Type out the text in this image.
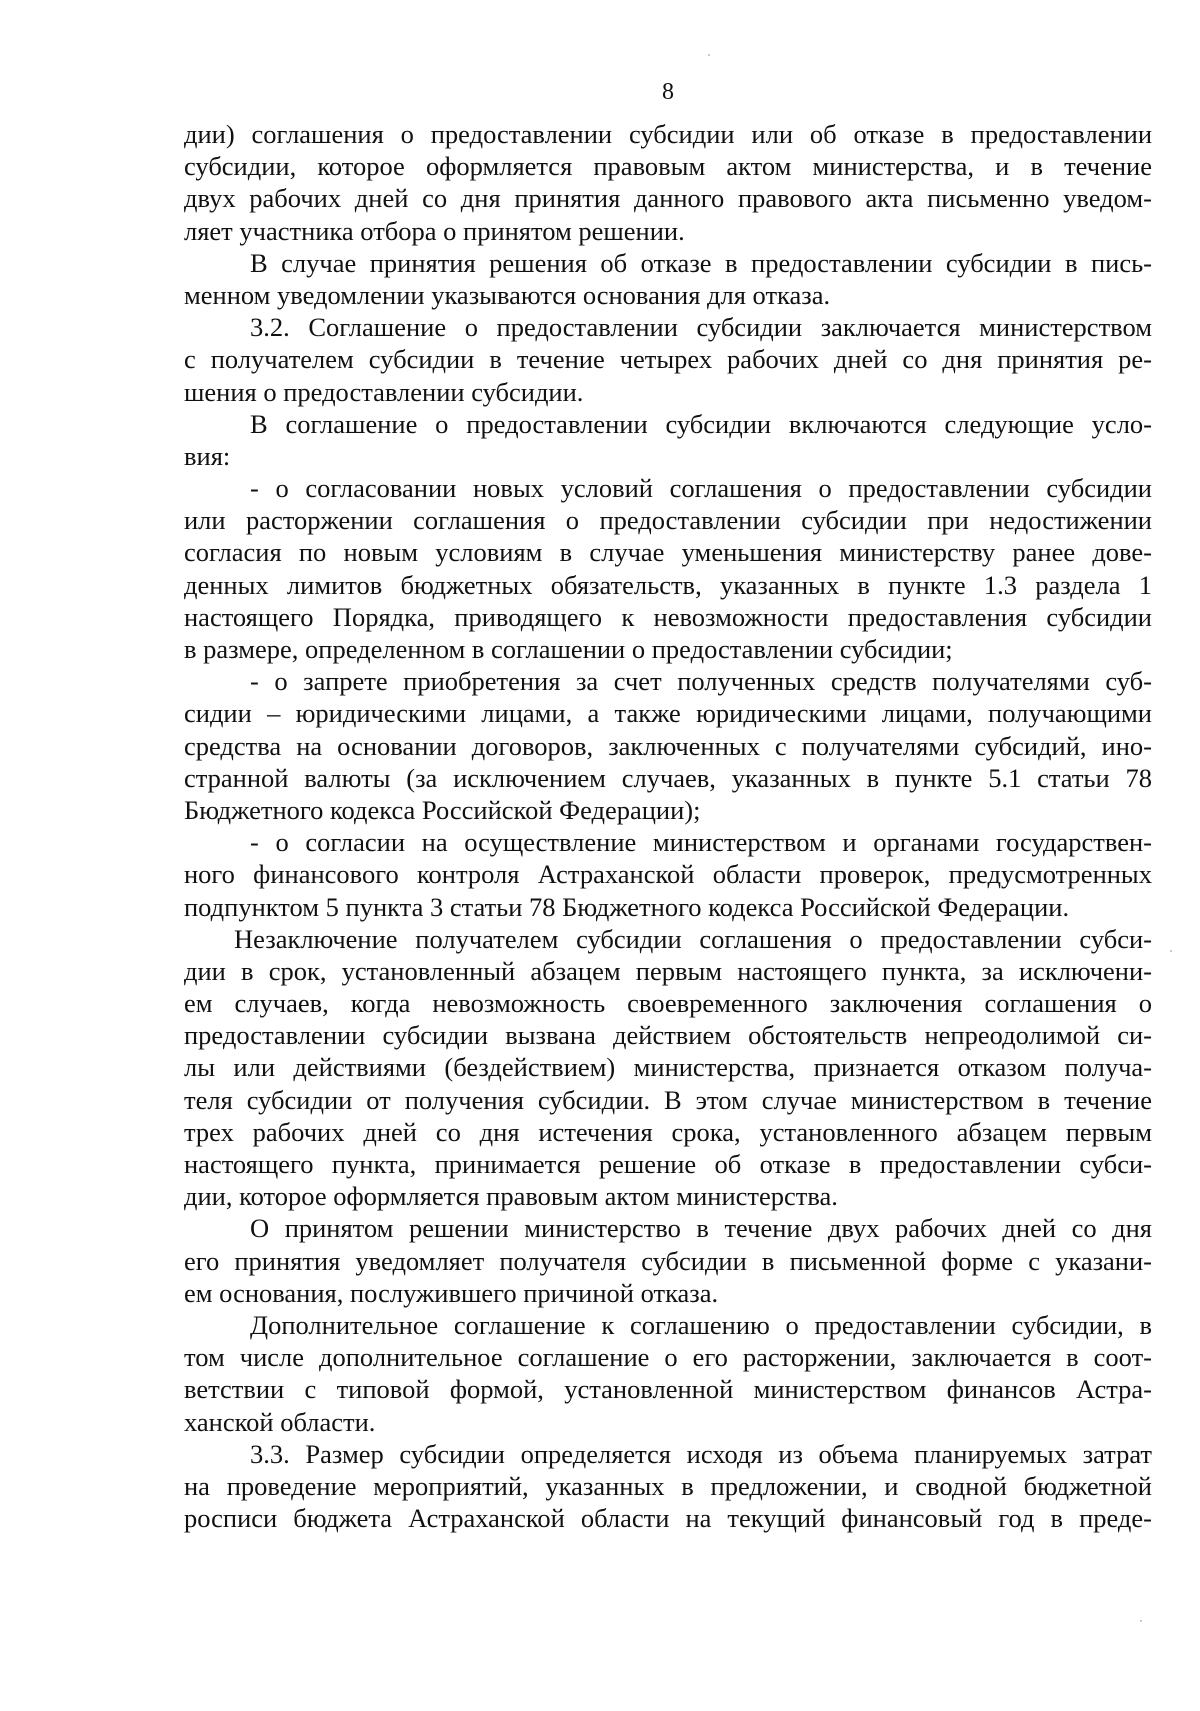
8
дии) соглашения о предоставлении субсидии или об отказе в предоставлении
субсидии, которое оформляется правовым актом министерства, и в течение
двух рабочих дней со дня принятия данного правового акта письменно уведом-
ляет участника отбора о принятом решении.
В случае принятия решения об отказе в предоставлении субсидии в пись-
менном уведомлении указываются основания для отказа.
3.2. Соглашение о предоставлении субсидии заключается министерством
с получателем субсидии в течение четырех рабочих дней со дня принятия ре-
шения о предоставлении субсидии.
В соглашение о предоставлении субсидии включаются следующие усло-
вия:
- о согласовании новых условий соглашения о предоставлении субсидии
или расторжении соглашения о предоставлении субсидии при недостижении
согласия по новым условиям в случае уменьшения министерству ранее дове-
денных лимитов бюджетных обязательств, указанных в пункте 1.3 раздела 1
настоящего Порядка, приводящего к невозможности предоставления субсидии
в размере, определенном в соглашении о предоставлении субсидии;
- о запрете приобретения за счет полученных средств получателями суб-
сидии – юридическими лицами, а также юридическими лицами, получающими
средства на основании договоров, заключенных с получателями субсидий, ино-
странной валюты (за исключением случаев, указанных в пункте 5.1 статьи 78
Бюджетного кодекса Российской Федерации);
- о согласии на осуществление министерством и органами государствен-
ного финансового контроля Астраханской области проверок, предусмотренных
подпунктом 5 пункта 3 статьи 78 Бюджетного кодекса Российской Федерации.
Незаключение получателем субсидии соглашения о предоставлении субси-
дии в срок, установленный абзацем первым настоящего пункта, за исключени-
ем случаев, когда невозможность своевременного заключения соглашения о
предоставлении субсидии вызвана действием обстоятельств непреодолимой си-
лы или действиями (бездействием) министерства, признается отказом получа-
теля субсидии от получения субсидии. В этом случае министерством в течение
трех рабочих дней со дня истечения срока, установленного абзацем первым
настоящего пункта, принимается решение об отказе в предоставлении субси-
дии, которое оформляется правовым актом министерства.
О принятом решении министерство в течение двух рабочих дней со дня
его принятия уведомляет получателя субсидии в письменной форме с указани-
ем основания, послужившего причиной отказа.
Дополнительное соглашение к соглашению о предоставлении субсидии, в
том числе дополнительное соглашение о его расторжении, заключается в соот-
ветствии с типовой формой, установленной министерством финансов Астра-
ханской области.
3.3. Размер субсидии определяется исходя из объема планируемых затрат
на проведение мероприятий, указанных в предложении, и сводной бюджетной
росписи бюджета Астраханской области на текущий финансовый год в преде-
